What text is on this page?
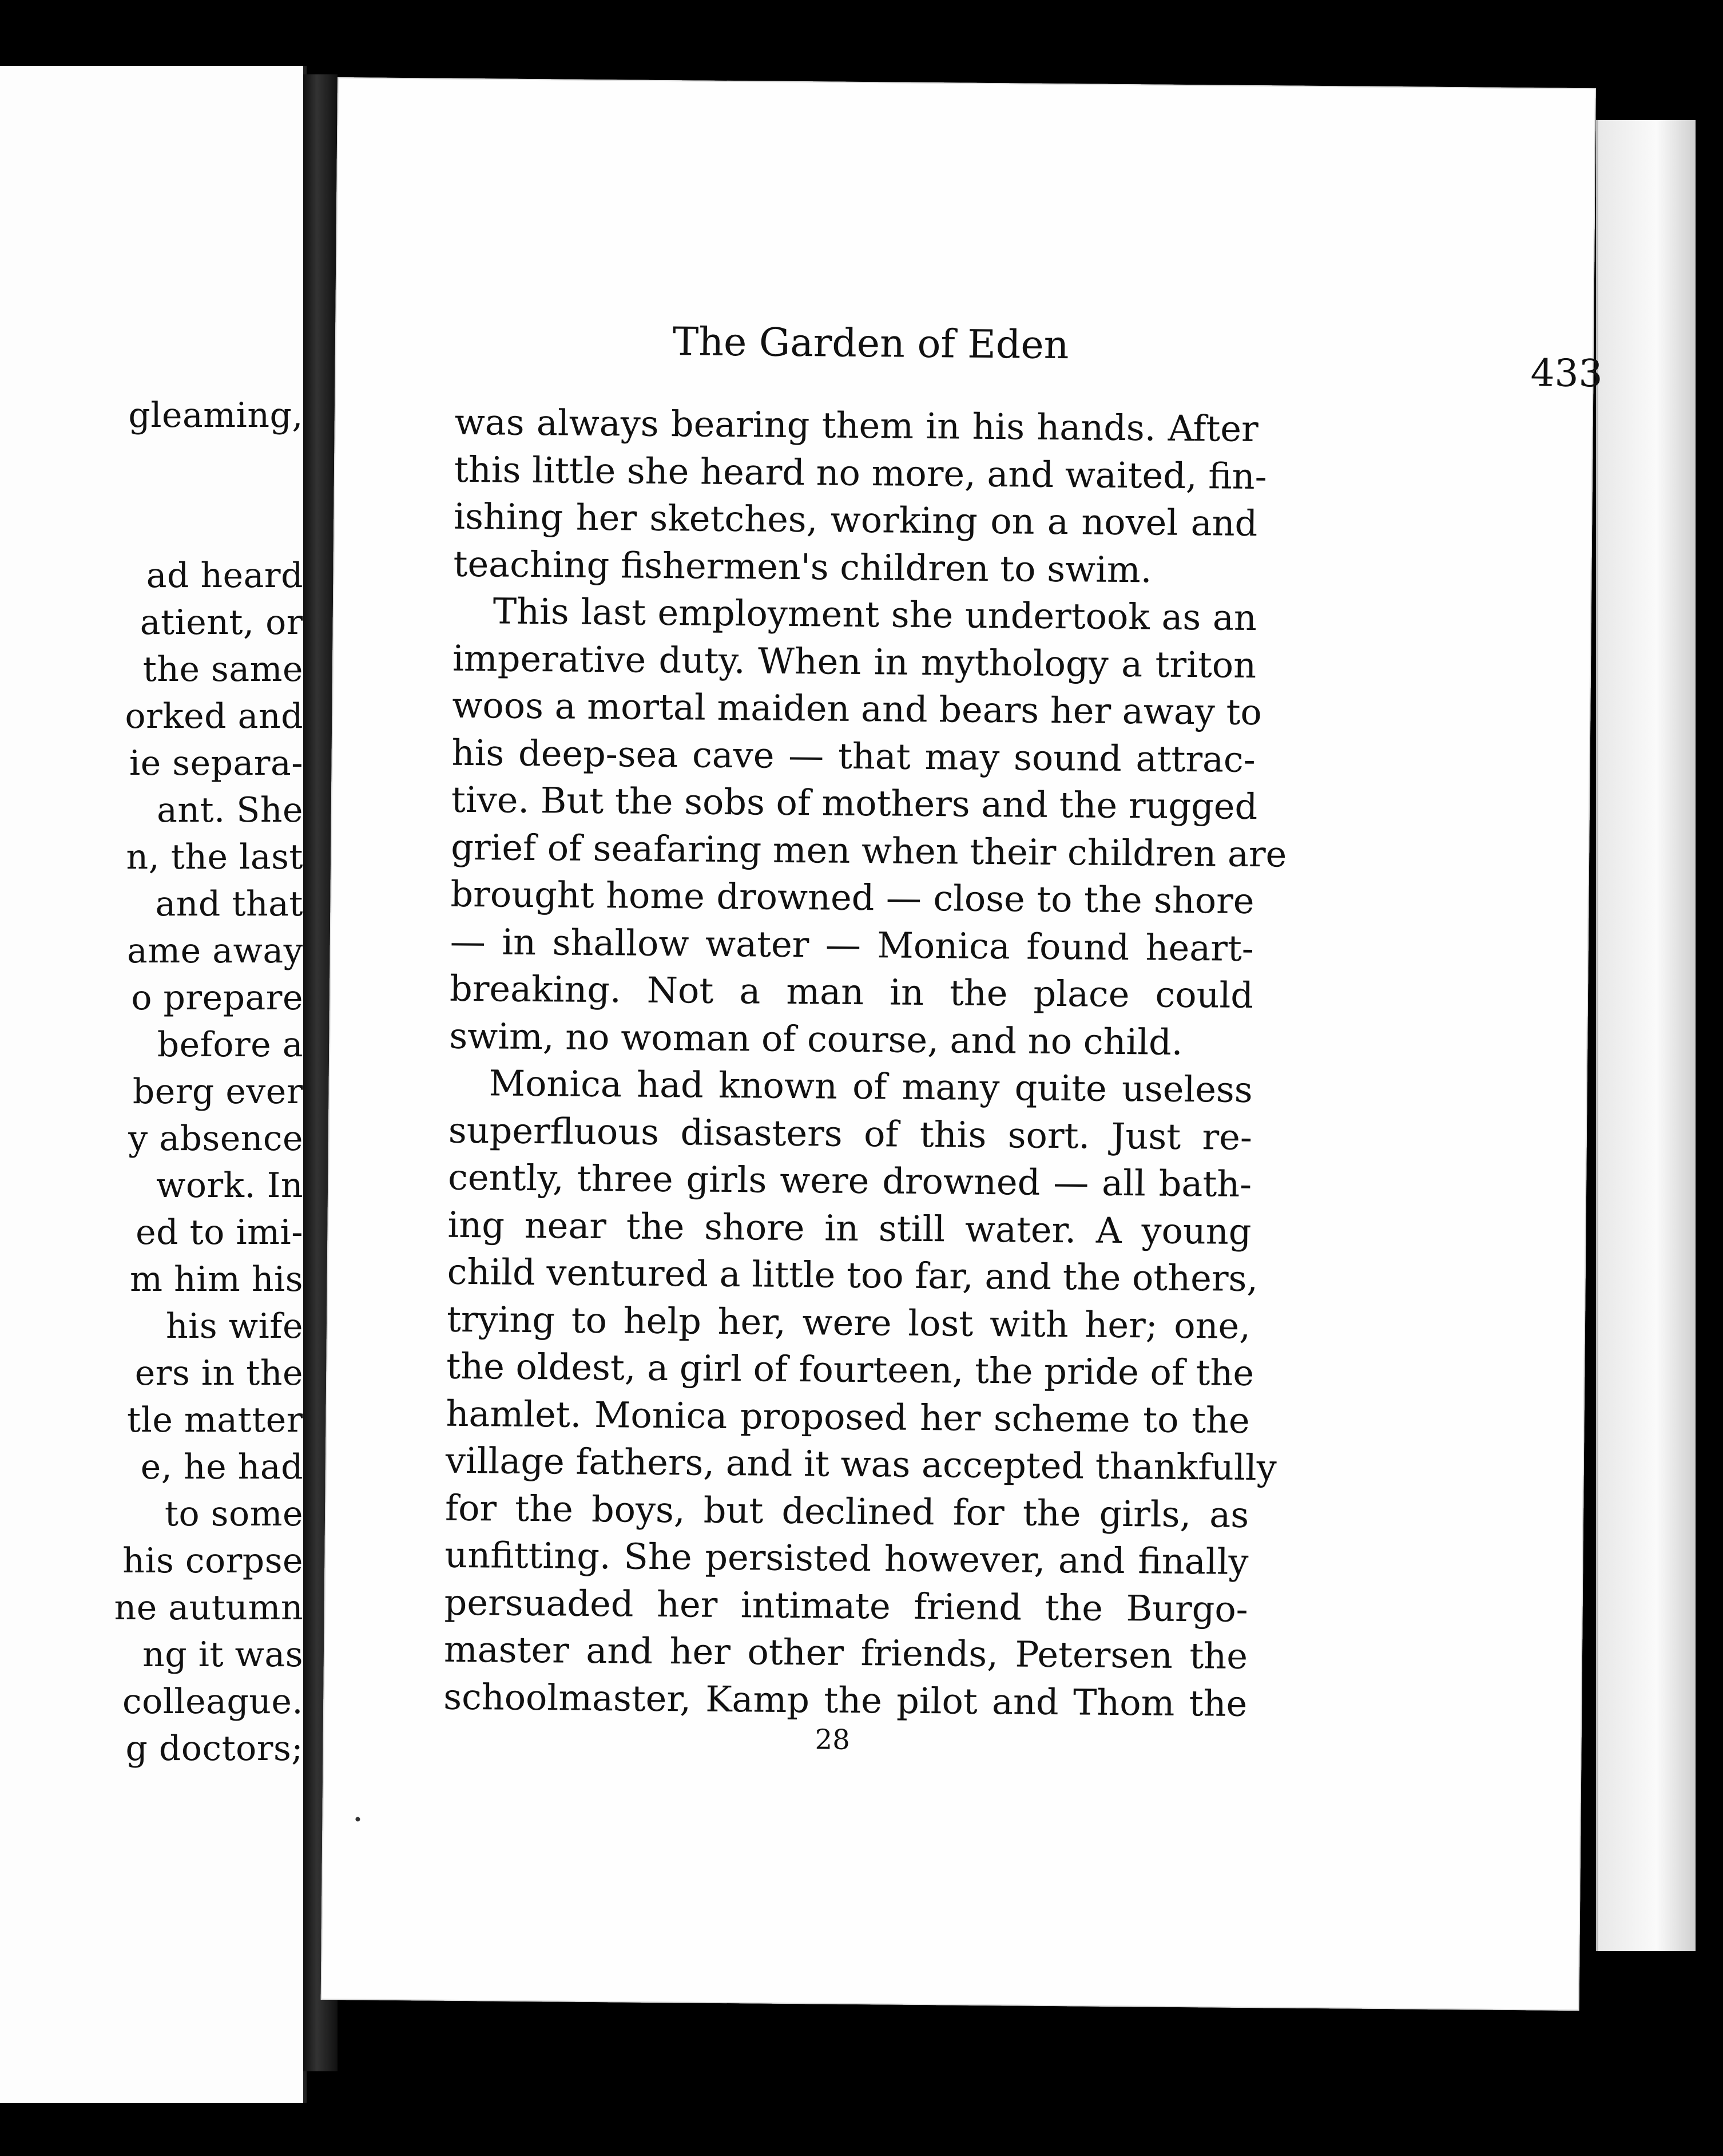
gleaming,

ad heard

atient, or

the same

orked and

ie separa-

ant. She

n, the last

and that

ame away

o prepare

before a

berg ever

y absence

work. In

ed to imi-

m him his

his wife

ers in the

tle matter

e, he had

to some

his corpse

ne autumn

ng it was

colleague.

g doctors;

The Garden of Eden
433
was always bearing them in his hands. After
this little she heard no more, and waited, fin-
ishing her sketches, working on a novel and
teaching fishermen's children to swim.
This last employment she undertook as an
imperative duty. When in mythology a triton
woos a mortal maiden and bears her away to
his deep-sea cave — that may sound attrac-
tive. But the sobs of mothers and the rugged
grief of seafaring men when their children are
brought home drowned — close to the shore
— in shallow water — Monica found heart-
breaking. Not a man in the place could
swim, no woman of course, and no child.
Monica had known of many quite useless
superfluous disasters of this sort. Just re-
cently, three girls were drowned — all bath-
ing near the shore in still water. A young
child ventured a little too far, and the others,
trying to help her, were lost with her; one,
the oldest, a girl of fourteen, the pride of the
hamlet. Monica proposed her scheme to the
village fathers, and it was accepted thankfully
for the boys, but declined for the girls, as
unfitting. She persisted however, and finally
persuaded her intimate friend the Burgo-
master and her other friends, Petersen the
schoolmaster, Kamp the pilot and Thom the
28
